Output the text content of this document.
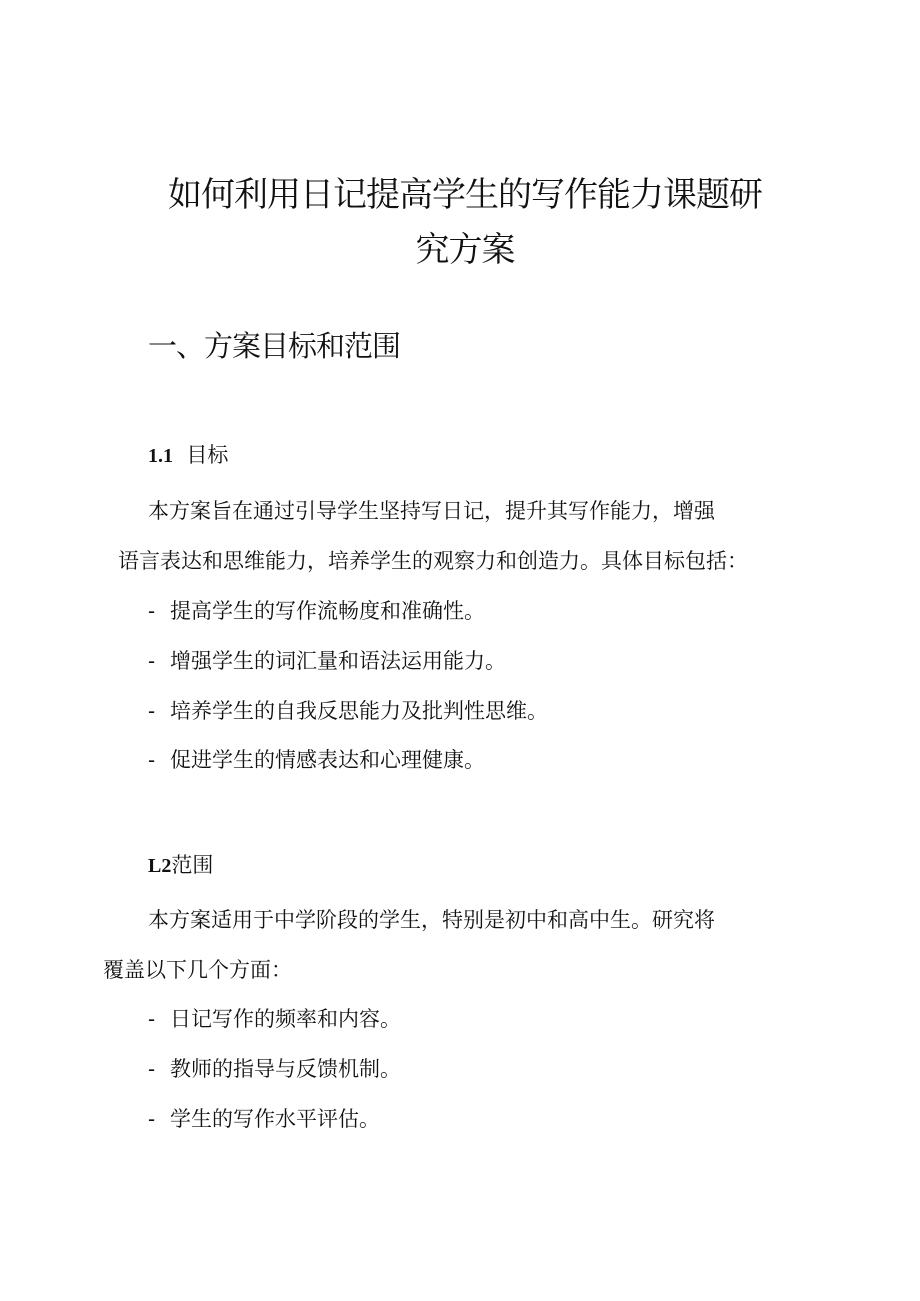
如何利用日记提高学生的写作能力课题研
究方案
一、方案目标和范围
1.1 目标

本方案旨在通过引导学生坚持写日记，提升其写作能力，增强

语言表达和思维能力，培养学生的观察力和创造力。具体目标包括：

- 提高学生的写作流畅度和准确性。

- 增强学生的词汇量和语法运用能力。

- 培养学生的自我反思能力及批判性思维。

- 促进学生的情感表达和心理健康。

L2范围

本方案适用于中学阶段的学生，特别是初中和高中生。研究将

覆盖以下几个方面：

- 日记写作的频率和内容。

- 教师的指导与反馈机制。

- 学生的写作水平评估。
